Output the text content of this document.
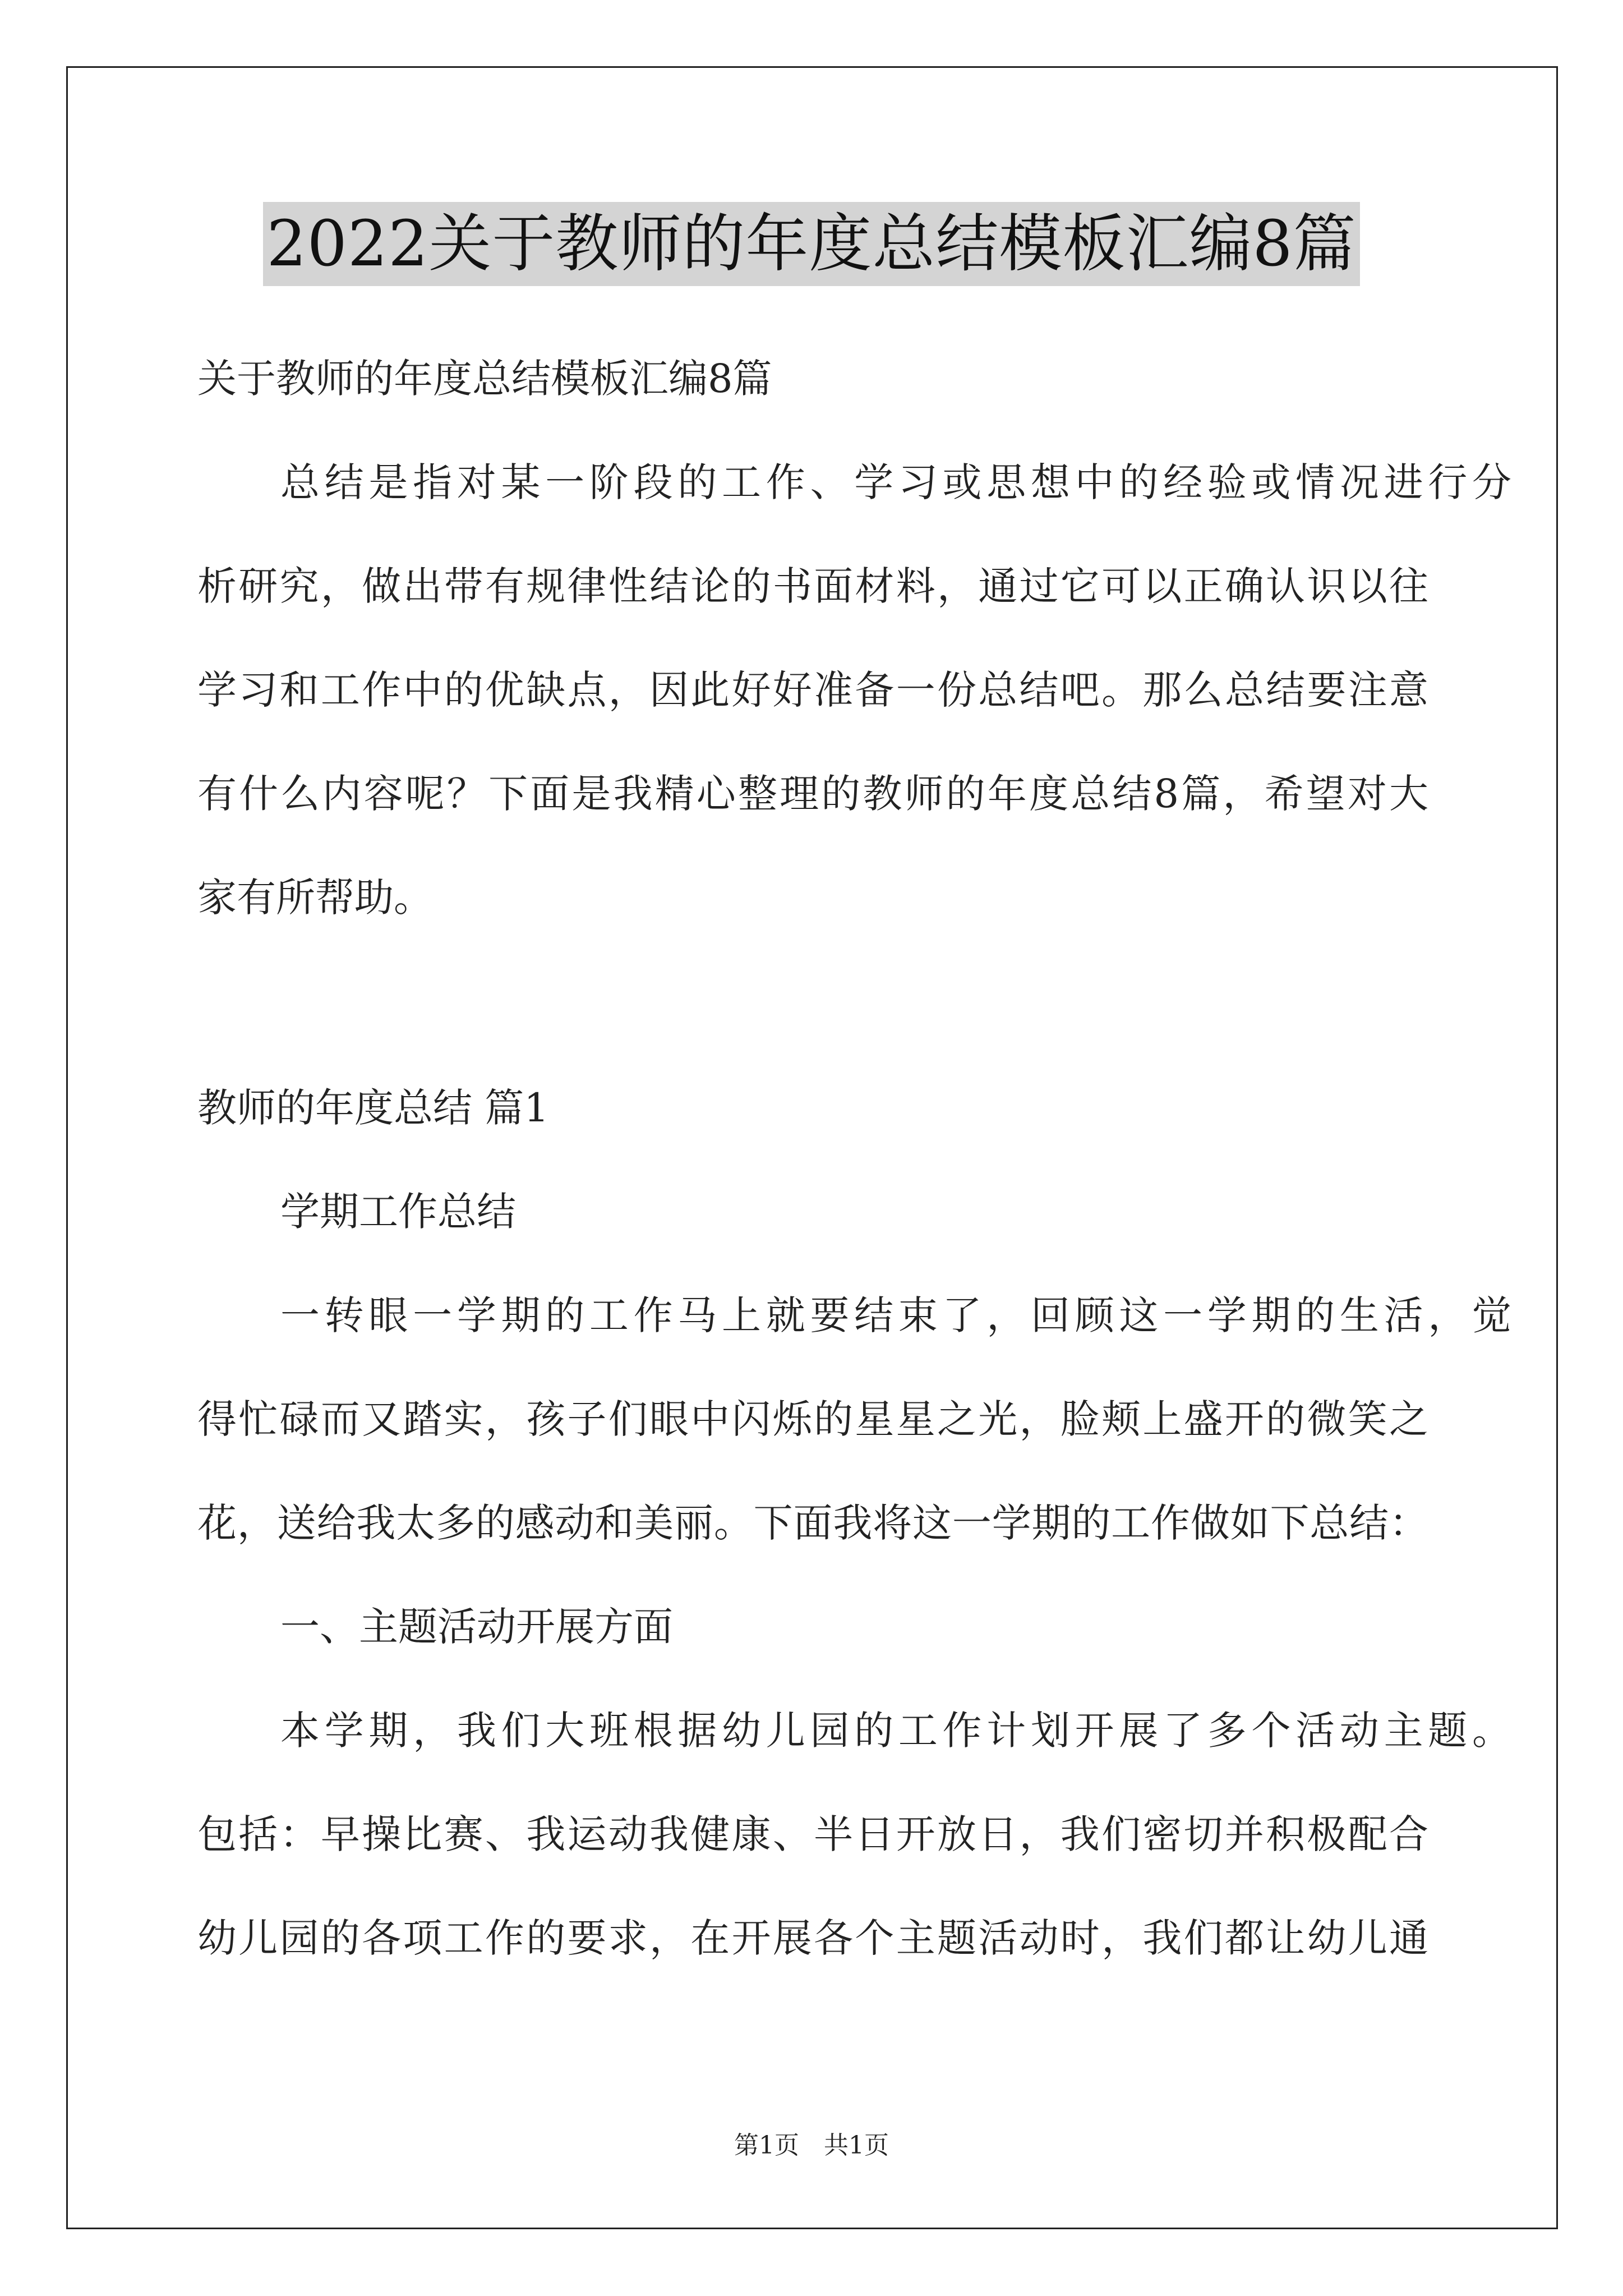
2022关于教师的年度总结模板汇编8篇

关于教师的年度总结模板汇编8篇

总结是指对某一阶段的工作、学习或思想中的经验或情况进行分

析研究，做出带有规律性结论的书面材料，通过它可以正确认识以往

学习和工作中的优缺点，因此好好准备一份总结吧。那么总结要注意

有什么内容呢？下面是我精心整理的教师的年度总结8篇，希望对大

家有所帮助。

教师的年度总结 篇1

学期工作总结

一转眼一学期的工作马上就要结束了，回顾这一学期的生活，觉

得忙碌而又踏实，孩子们眼中闪烁的星星之光，脸颊上盛开的微笑之

花，送给我太多的感动和美丽。下面我将这一学期的工作做如下总结：

一、主题活动开展方面

本学期，我们大班根据幼儿园的工作计划开展了多个活动主题。

包括：早操比赛、我运动我健康、半日开放日，我们密切并积极配合

幼儿园的各项工作的要求，在开展各个主题活动时，我们都让幼儿通

第1页　共1页
